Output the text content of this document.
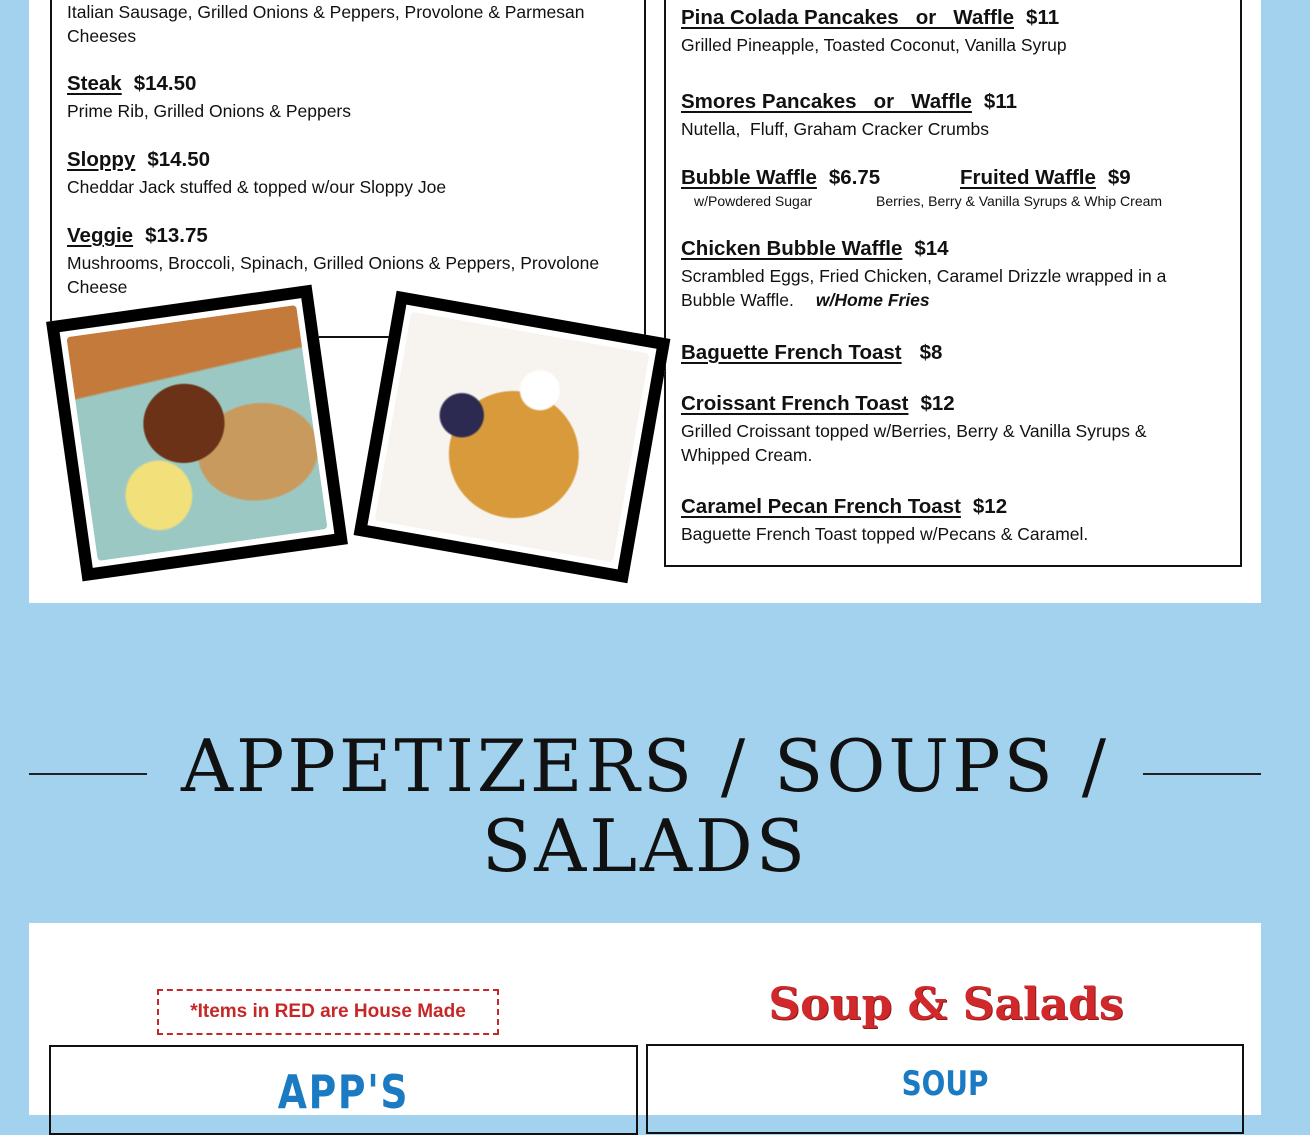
Italian Sausage, Grilled Onions & Peppers, Provolone & Parmesan Cheeses
Steak $14.50
Prime Rib, Grilled Onions & Peppers
Sloppy $14.50
Cheddar Jack stuffed & topped w/our Sloppy Joe
Veggie $13.75
Mushrooms, Broccoli, Spinach, Grilled Onions & Peppers, Provolone Cheese
Pina Colada Pancakes   or   Waffle $11
Grilled Pineapple, Toasted Coconut, Vanilla Syrup
Smores Pancakes   or   Waffle $11
Nutella,  Fluff, Graham Cracker Crumbs
Bubble Waffle $6.75
w/Powdered Sugar
Fruited Waffle $9
Berries, Berry & Vanilla Syrups & Whip Cream
Chicken Bubble Waffle $14
Scrambled Eggs, Fried Chicken, Caramel Drizzle wrapped in a Bubble Waffle. w/Home Fries
Baguette French Toast $8
Croissant French Toast $12
Grilled Croissant topped w/Berries, Berry & Vanilla Syrups & Whipped Cream.
Caramel Pecan French Toast $12
Baguette French Toast topped w/Pecans & Caramel.
APPETIZERS / SOUPS / SALADS
*Items in RED are House Made	Soup & Salads
APP'S	SOUP
